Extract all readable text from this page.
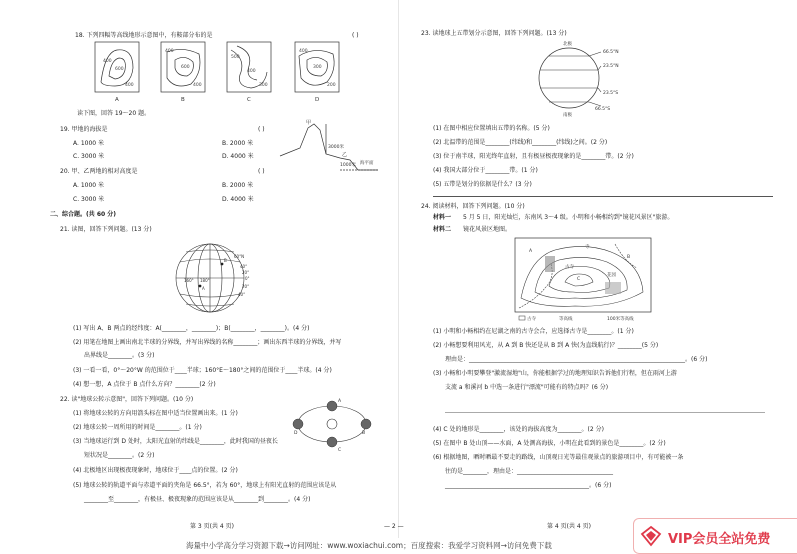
18. 下列四幅等高线地形示意图中，有鞍部分布的是	( )
A	B	C	D
400
600
400
400
600
400
500
400
300
400
300
200
读下图，回答 19～20 题。
19. 甲地的海拔是	( )
A. 1000 米	B. 2000 米
C. 3000 米	D. 4000 米
20. 甲、乙两地的相对高度是	( )
A. 1000 米	B. 2000 米
C. 3000 米	D. 4000 米
甲
乙
3000米
1000米 海平面
二、综合题。(共 60 分)
21. 读图，回答下列问题。(13 分)
60°N
40°
20°
0°
20°
40°
160° 180°
B
A
(1) 写出 A、B 两点的经纬度：A(________，________)；B(________，________)。(4 分)
(2) 用笔在地图上画出南北半球的分界线，并写出界线的名称________；画出东西半球的分界线，并写
出界线是________。(3 分)
(3) 一看一看，0°～20°W 的范围位于____半球；160°E～180°之间的范围位于____半球。(4 分)
(4) 想一想，A 点位于 B 点什么方向？________(2 分)
22. 读"地球公转示意图"，回答下列问题。(10 分)	A
B
C
D
(1) 将地球公转的方向用箭头标在图中适当位置画出来。(1 分)
(2) 地球公转一周所用的时间是________。(1 分)
(3) 当地球运行到 D 处时，太阳光直射的纬线是________，此时我国的昼夜长
短状况是________。(2 分)
(4) 北极地区出现极夜现象时，地球位于____点的位置。(2 分)
(5) 地球公转的轨道平面与赤道平面的夹角是 66.5°，若为 60°，地球上有阳光直射的范围应该是从
________至________，有极昼、极夜现象的范围应该是从________到________。(4 分)
第 3 页(共 4 页)	— 2 —
23. 读地球上五带划分示意图，回答下列问题。(13 分)
北极
南极
66.5°N
23.5°N
23.5°S
66.5°S
(1) 在图中相应位置填出五带的名称。(5 分)
(2) 北温带的范围是________(纬线)和________(纬线)之间。(2 分)
(3) 位于南半球，阳光终年直射，且有极昼极夜现象的是________带。(2 分)
(4) 我国大部分位于________带。(1 分)
(5) 五带是划分的依据是什么？(3 分)
24. 阅读材料，回答下列问题。(10 分)
材料一 5 月 5 日，阳光灿烂，东南风 3～4 级。小明和小畅相约到"镜花风景区"旅游。
材料二 镜花风景区地图。
A
B
寺
古寺
花园
C
古寺	等高线	100米等高线
(1) 小明和小畅相约在尼湖之南的古寺会合，应选择古寺是________。(1 分)
(2) 小畅想要利用风光，从 A 到 B 快还是从 B 到 A 快(为直线航行)？________(5 分)
理由是：________________________________________________________________________。(6 分)
(3) 小畅和小明要攀登"激流湿地"山，你能根据学过的地理知识告诉他们行程，但在雨河上游
支流 a 和溪河 b 中选一条进行"漂流"可能有的特点吗？(6 分)
(4) C 处的地形是________，该处的海拔高度为________。(2 分)
(5) 在图中 B 处山顶——水面，A 处测高海拔，小明在此看到的景色是________。(2 分)
(6) 根据地图，晒时晒最不要走的路线，山顶观日光等最佳观景点的旅游项目中，有可能被一条
往的是________，理由是：________________________________
________________________________________________。(6 分)
第 4 页(共 4 页)
海量中小学高分学习资源下载→访问网址：www.woxiachui.com；百度搜索：我爱学习资料网→访问免费下载	VIP会员全站免费
